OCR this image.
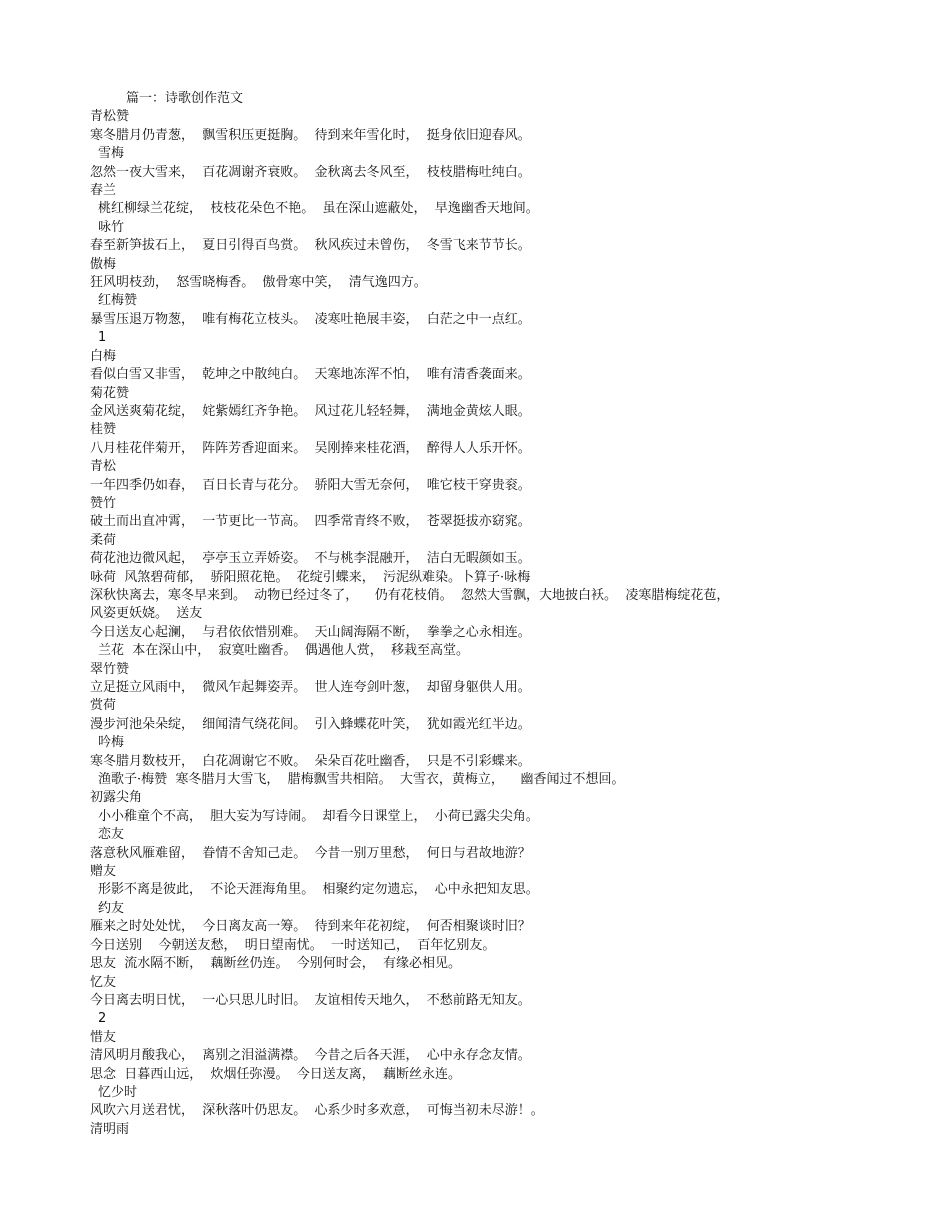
篇一：诗歌创作范文
青松赞
寒冬腊月仍青葱，  飘雪积压更挺胸。  待到来年雪化时，  挺身依旧迎春风。
雪梅
忽然一夜大雪来，  百花凋谢齐衰败。  金秋离去冬风至，  枝枝腊梅吐纯白。
春兰
桃红柳绿兰花绽，  枝枝花朵色不艳。  虽在深山遮蔽处，  早逸幽香天地间。
咏竹
春至新笋拔石上，  夏日引得百鸟赏。  秋风疾过未曾伤，  冬雪飞来节节长。
傲梅
狂风明枝劲，  怒雪晓梅香。  傲骨寒中笑，  清气逸四方。
红梅赞
暴雪压退万物葱，  唯有梅花立枝头。  凌寒吐艳展丰姿，  白茫之中一点红。
1
白梅
看似白雪又非雪，  乾坤之中散纯白。  天寒地冻浑不怕，  唯有清香袭面来。
菊花赞
金风送爽菊花绽，  姹紫嫣红齐争艳。  风过花儿轻轻舞，  满地金黄炫人眼。
桂赞
八月桂花伴菊开，  阵阵芳香迎面来。  吴刚捧来桂花酒，  醉得人人乐开怀。
青松
一年四季仍如春，  百日长青与花分。  骄阳大雪无奈何，  唯它枝干穿贵衮。
赞竹
破土而出直冲霄，  一节更比一节高。  四季常青终不败，  苍翠挺拔亦窈窕。
柔荷
荷花池边微风起，  亭亭玉立弄娇姿。  不与桃李混融开，  洁白无暇颜如玉。
咏荷  风煞碧荷郁，  骄阳照花艳。  花绽引蝶来，  污泥纵难染。卜算子·咏梅
深秋快离去，寒冬早来到。  动物已经过冬了，    仍有花枝俏。  忽然大雪飘，大地披白袄。  凌寒腊梅绽花苞，
风姿更妖娆。  送友
今日送友心起澜，  与君依依惜别难。  天山阔海隔不断，  拳拳之心永相连。
兰花  本在深山中，  寂寞吐幽香。  偶遇他人赏，  移栽至高堂。
翠竹赞
立足挺立风雨中，  微风乍起舞姿弄。  世人连夸剑叶葱，  却留身躯供人用。
赏荷
漫步河池朵朵绽，  细闻清气绕花间。  引入蜂蝶花叶笑，  犹如霞光红半边。
吟梅
寒冬腊月数枝开，  白花凋谢它不败。  朵朵百花吐幽香，  只是不引彩蝶来。
渔歌子·梅赞  寒冬腊月大雪飞，  腊梅飘雪共相陪。  大雪衣，黄梅立，    幽香闻过不想回。
初露尖角
小小稚童个不高，  胆大妄为写诗闹。  却看今日课堂上，  小荷已露尖尖角。
恋友
落意秋风雁难留，  眷情不舍知己走。  今昔一别万里愁，  何日与君故地游？
赠友
形影不离是彼此，  不论天涯海角里。  相聚约定勿遗忘，  心中永把知友思。
约友
雁来之时处处忧，  今日离友高一筹。  待到来年花初绽，  何否相聚谈时旧？
今日送别    今朝送友愁，  明日望南忧。  一时送知己，  百年忆别友。
思友  流水隔不断，  藕断丝仍连。  今别何时会，  有缘必相见。
忆友
今日离去明日忧，  一心只思儿时旧。  友谊相传天地久，  不愁前路无知友。
2
惜友
清风明月酸我心，  离别之泪溢满襟。  今昔之后各天涯，  心中永存念友情。
思念  日暮西山远，  炊烟任弥漫。  今日送友离，  藕断丝永连。
忆少时
风吹六月送君忧，  深秋落叶仍思友。  心系少时多欢意，  可悔当初未尽游！。
清明雨
